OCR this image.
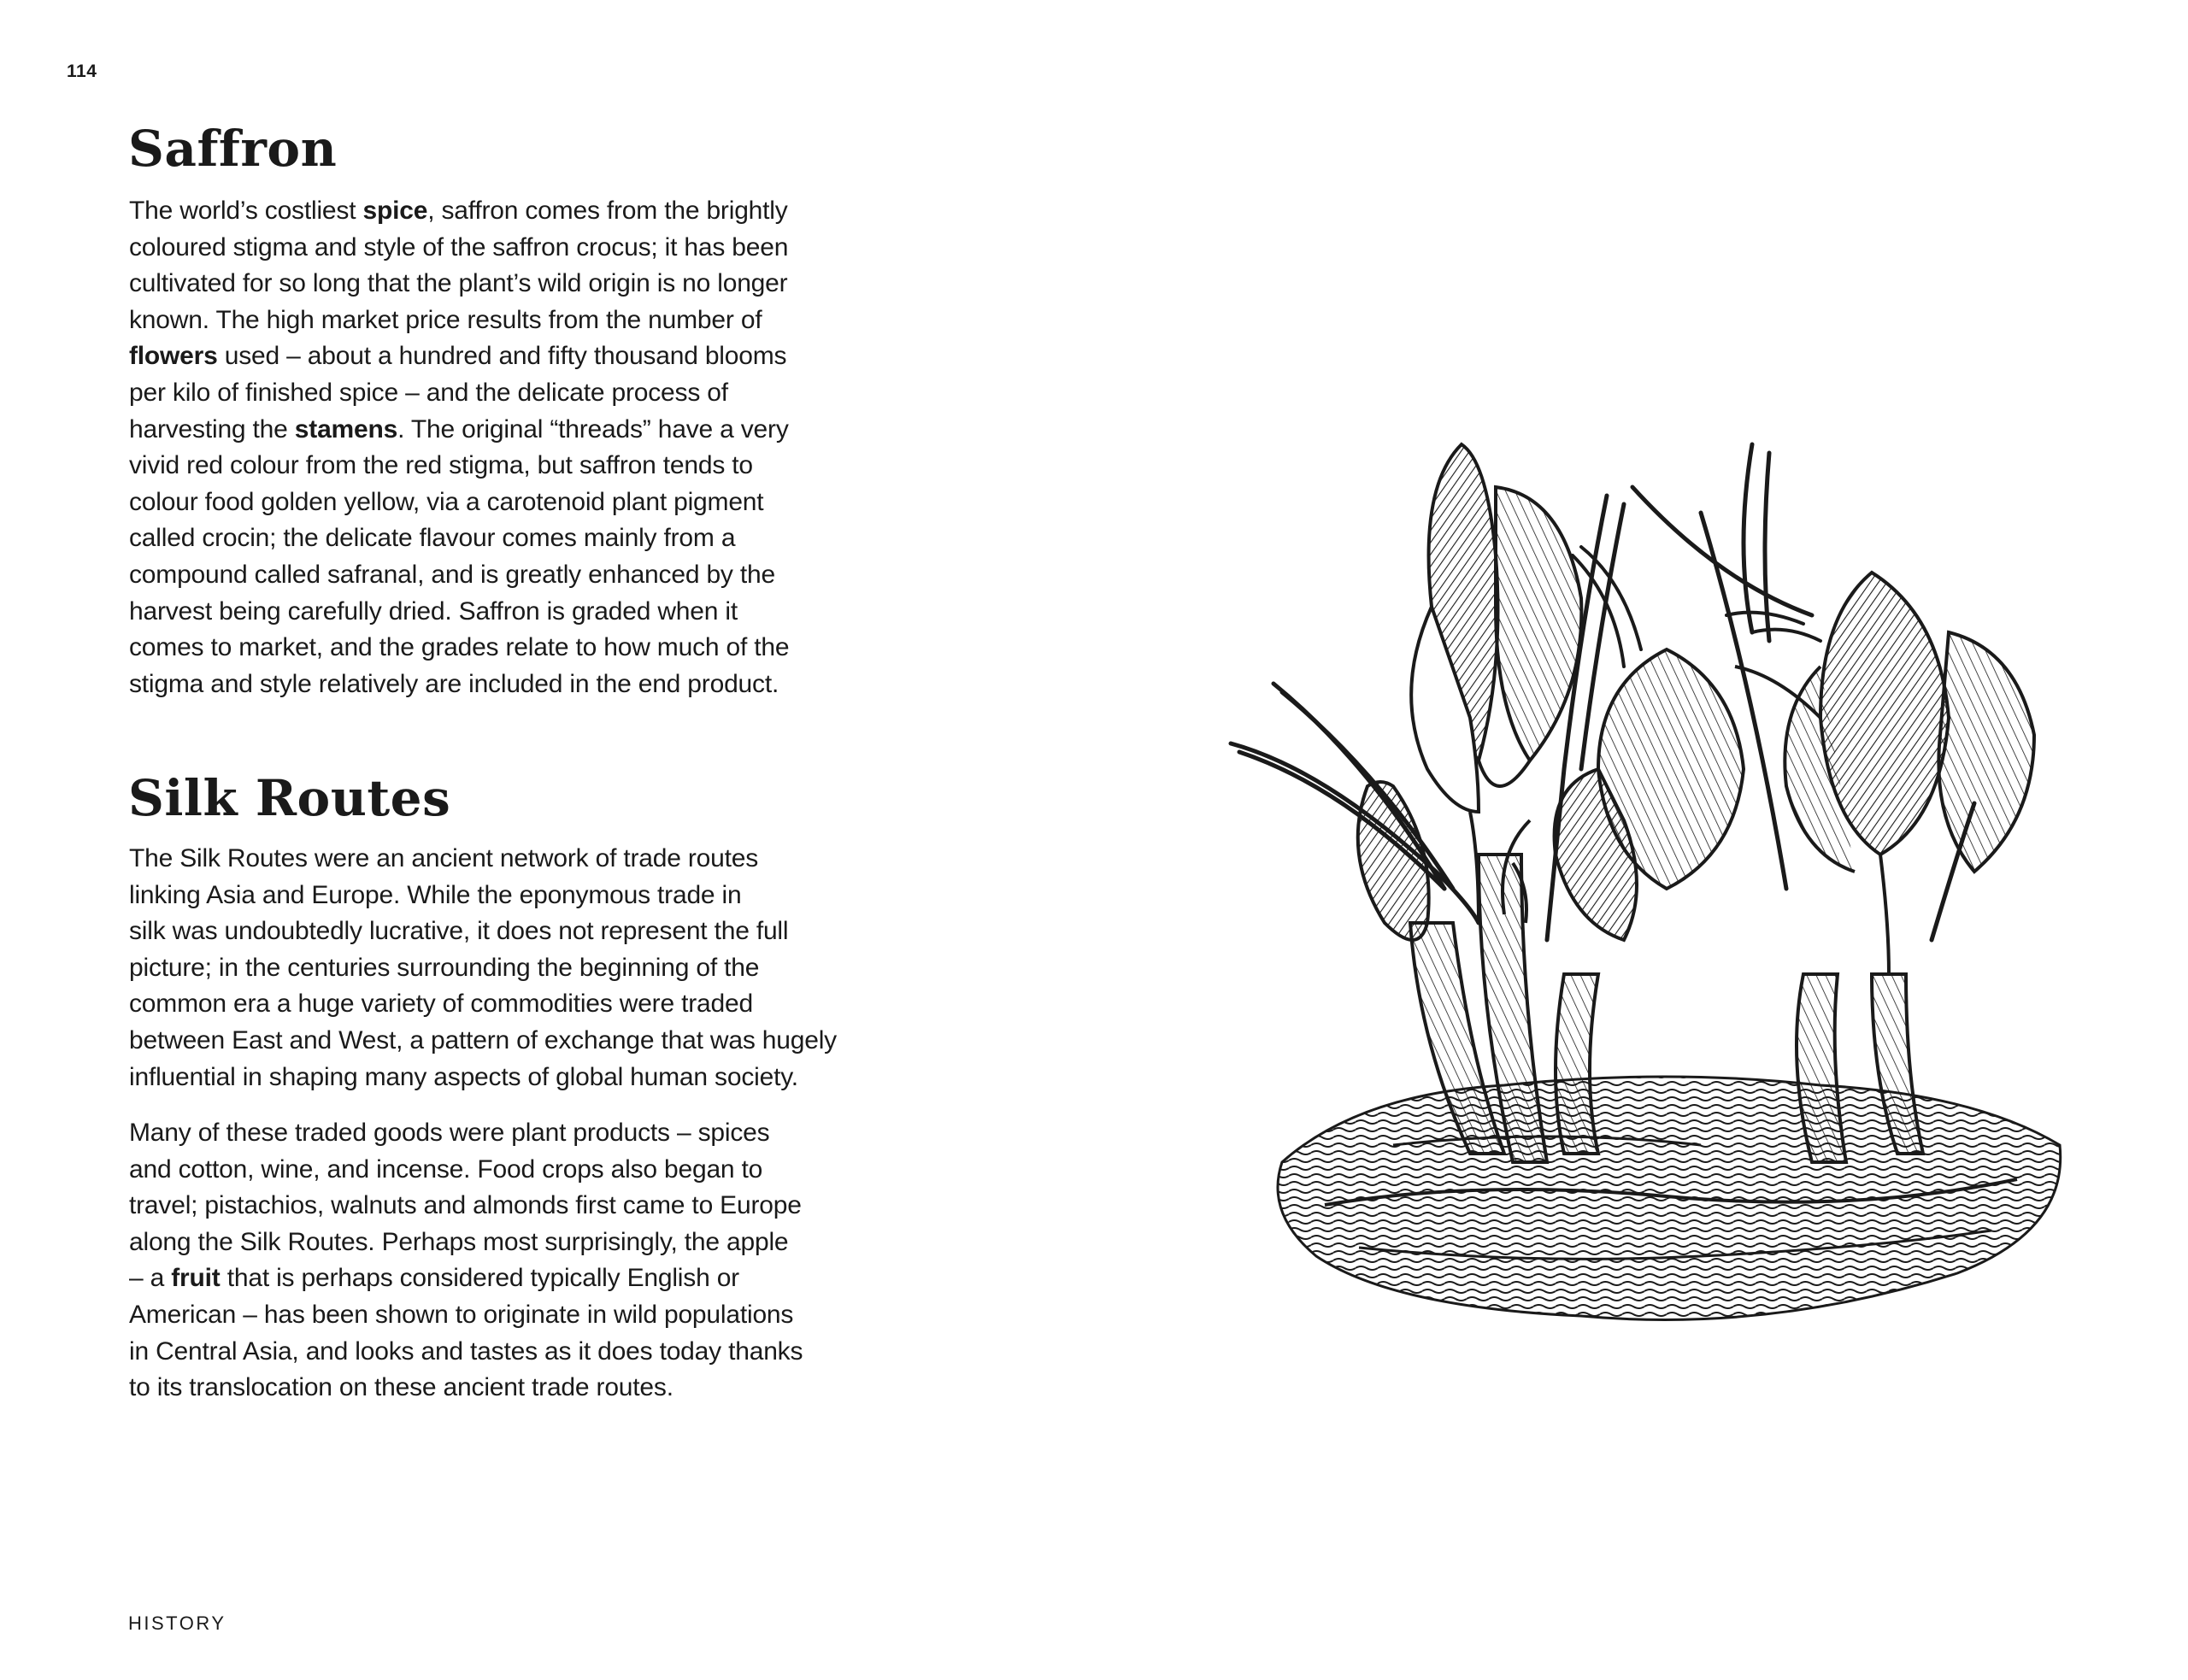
114
Saffron
The world’s costliest spice, saffron comes from the brightly
coloured stigma and style of the saffron crocus; it has been
cultivated for so long that the plant’s wild origin is no longer
known. The high market price results from the number of
flowers used – about a hundred and fifty thousand blooms
per kilo of finished spice – and the delicate process of
harvesting the stamens. The original “threads” have a very
vivid red colour from the red stigma, but saffron tends to
colour food golden yellow, via a carotenoid plant pigment
called crocin; the delicate flavour comes mainly from a
compound called safranal, and is greatly enhanced by the
harvest being carefully dried. Saffron is graded when it
comes to market, and the grades relate to how much of the
stigma and style relatively are included in the end product.
Silk Routes
The Silk Routes were an ancient network of trade routes
linking Asia and Europe. While the eponymous trade in
silk was undoubtedly lucrative, it does not represent the full
picture; in the centuries surrounding the beginning of the
common era a huge variety of commodities were traded
between East and West, a pattern of exchange that was hugely
influential in shaping many aspects of global human society.
Many of these traded goods were plant products – spices
and cotton, wine, and incense. Food crops also began to
travel; pistachios, walnuts and almonds first came to Europe
along the Silk Routes. Perhaps most surprisingly, the apple
– a fruit that is perhaps considered typically English or
American – has been shown to originate in wild populations
in Central Asia, and looks and tastes as it does today thanks
to its translocation on these ancient trade routes.
HISTORY
